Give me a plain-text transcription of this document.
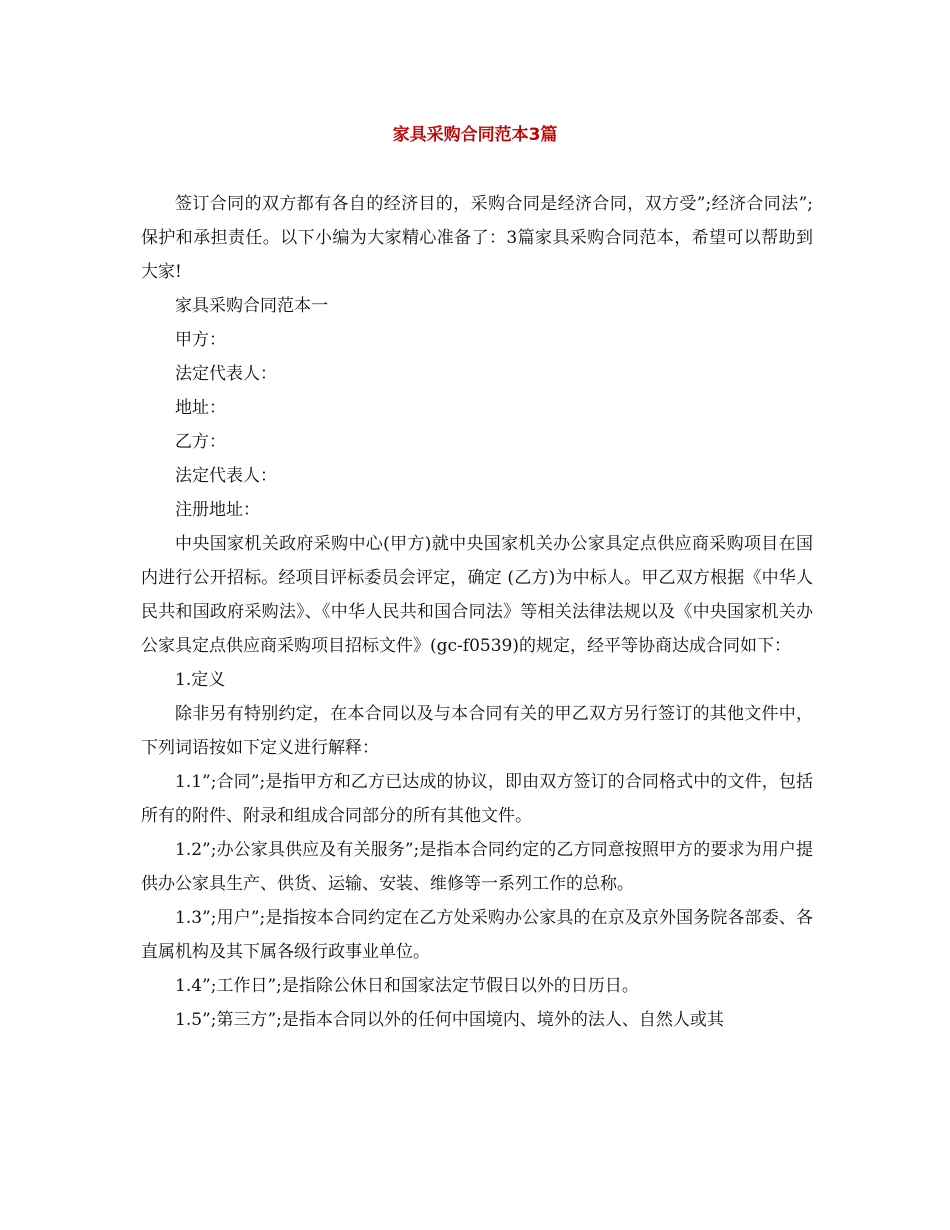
家具采购合同范本3篇

签订合同的双方都有各自的经济目的，采购合同是经济合同，双方受”;经济合同法”;保护和承担责任。以下小编为大家精心准备了：3篇家具采购合同范本，希望可以帮助到大家!

家具采购合同范本一

甲方：

法定代表人：

地址：

乙方：

法定代表人：

注册地址：

中央国家机关政府采购中心(甲方)就中央国家机关办公家具定点供应商采购项目在国内进行公开招标。经项目评标委员会评定，确定 (乙方)为中标人。甲乙双方根据《中华人民共和国政府采购法》、《中华人民共和国合同法》等相关法律法规以及《中央国家机关办公家具定点供应商采购项目招标文件》(gc-f0539)的规定，经平等协商达成合同如下：

1.定义

除非另有特别约定，在本合同以及与本合同有关的甲乙双方另行签订的其他文件中，下列词语按如下定义进行解释：

1.1”;合同”;是指甲方和乙方已达成的协议，即由双方签订的合同格式中的文件，包括所有的附件、附录和组成合同部分的所有其他文件。

1.2”;办公家具供应及有关服务”;是指本合同约定的乙方同意按照甲方的要求为用户提供办公家具生产、供货、运输、安装、维修等一系列工作的总称。

1.3”;用户”;是指按本合同约定在乙方处采购办公家具的在京及京外国务院各部委、各直属机构及其下属各级行政事业单位。

1.4”;工作日”;是指除公休日和国家法定节假日以外的日历日。

1.5”;第三方”;是指本合同以外的任何中国境内、境外的法人、自然人或其
